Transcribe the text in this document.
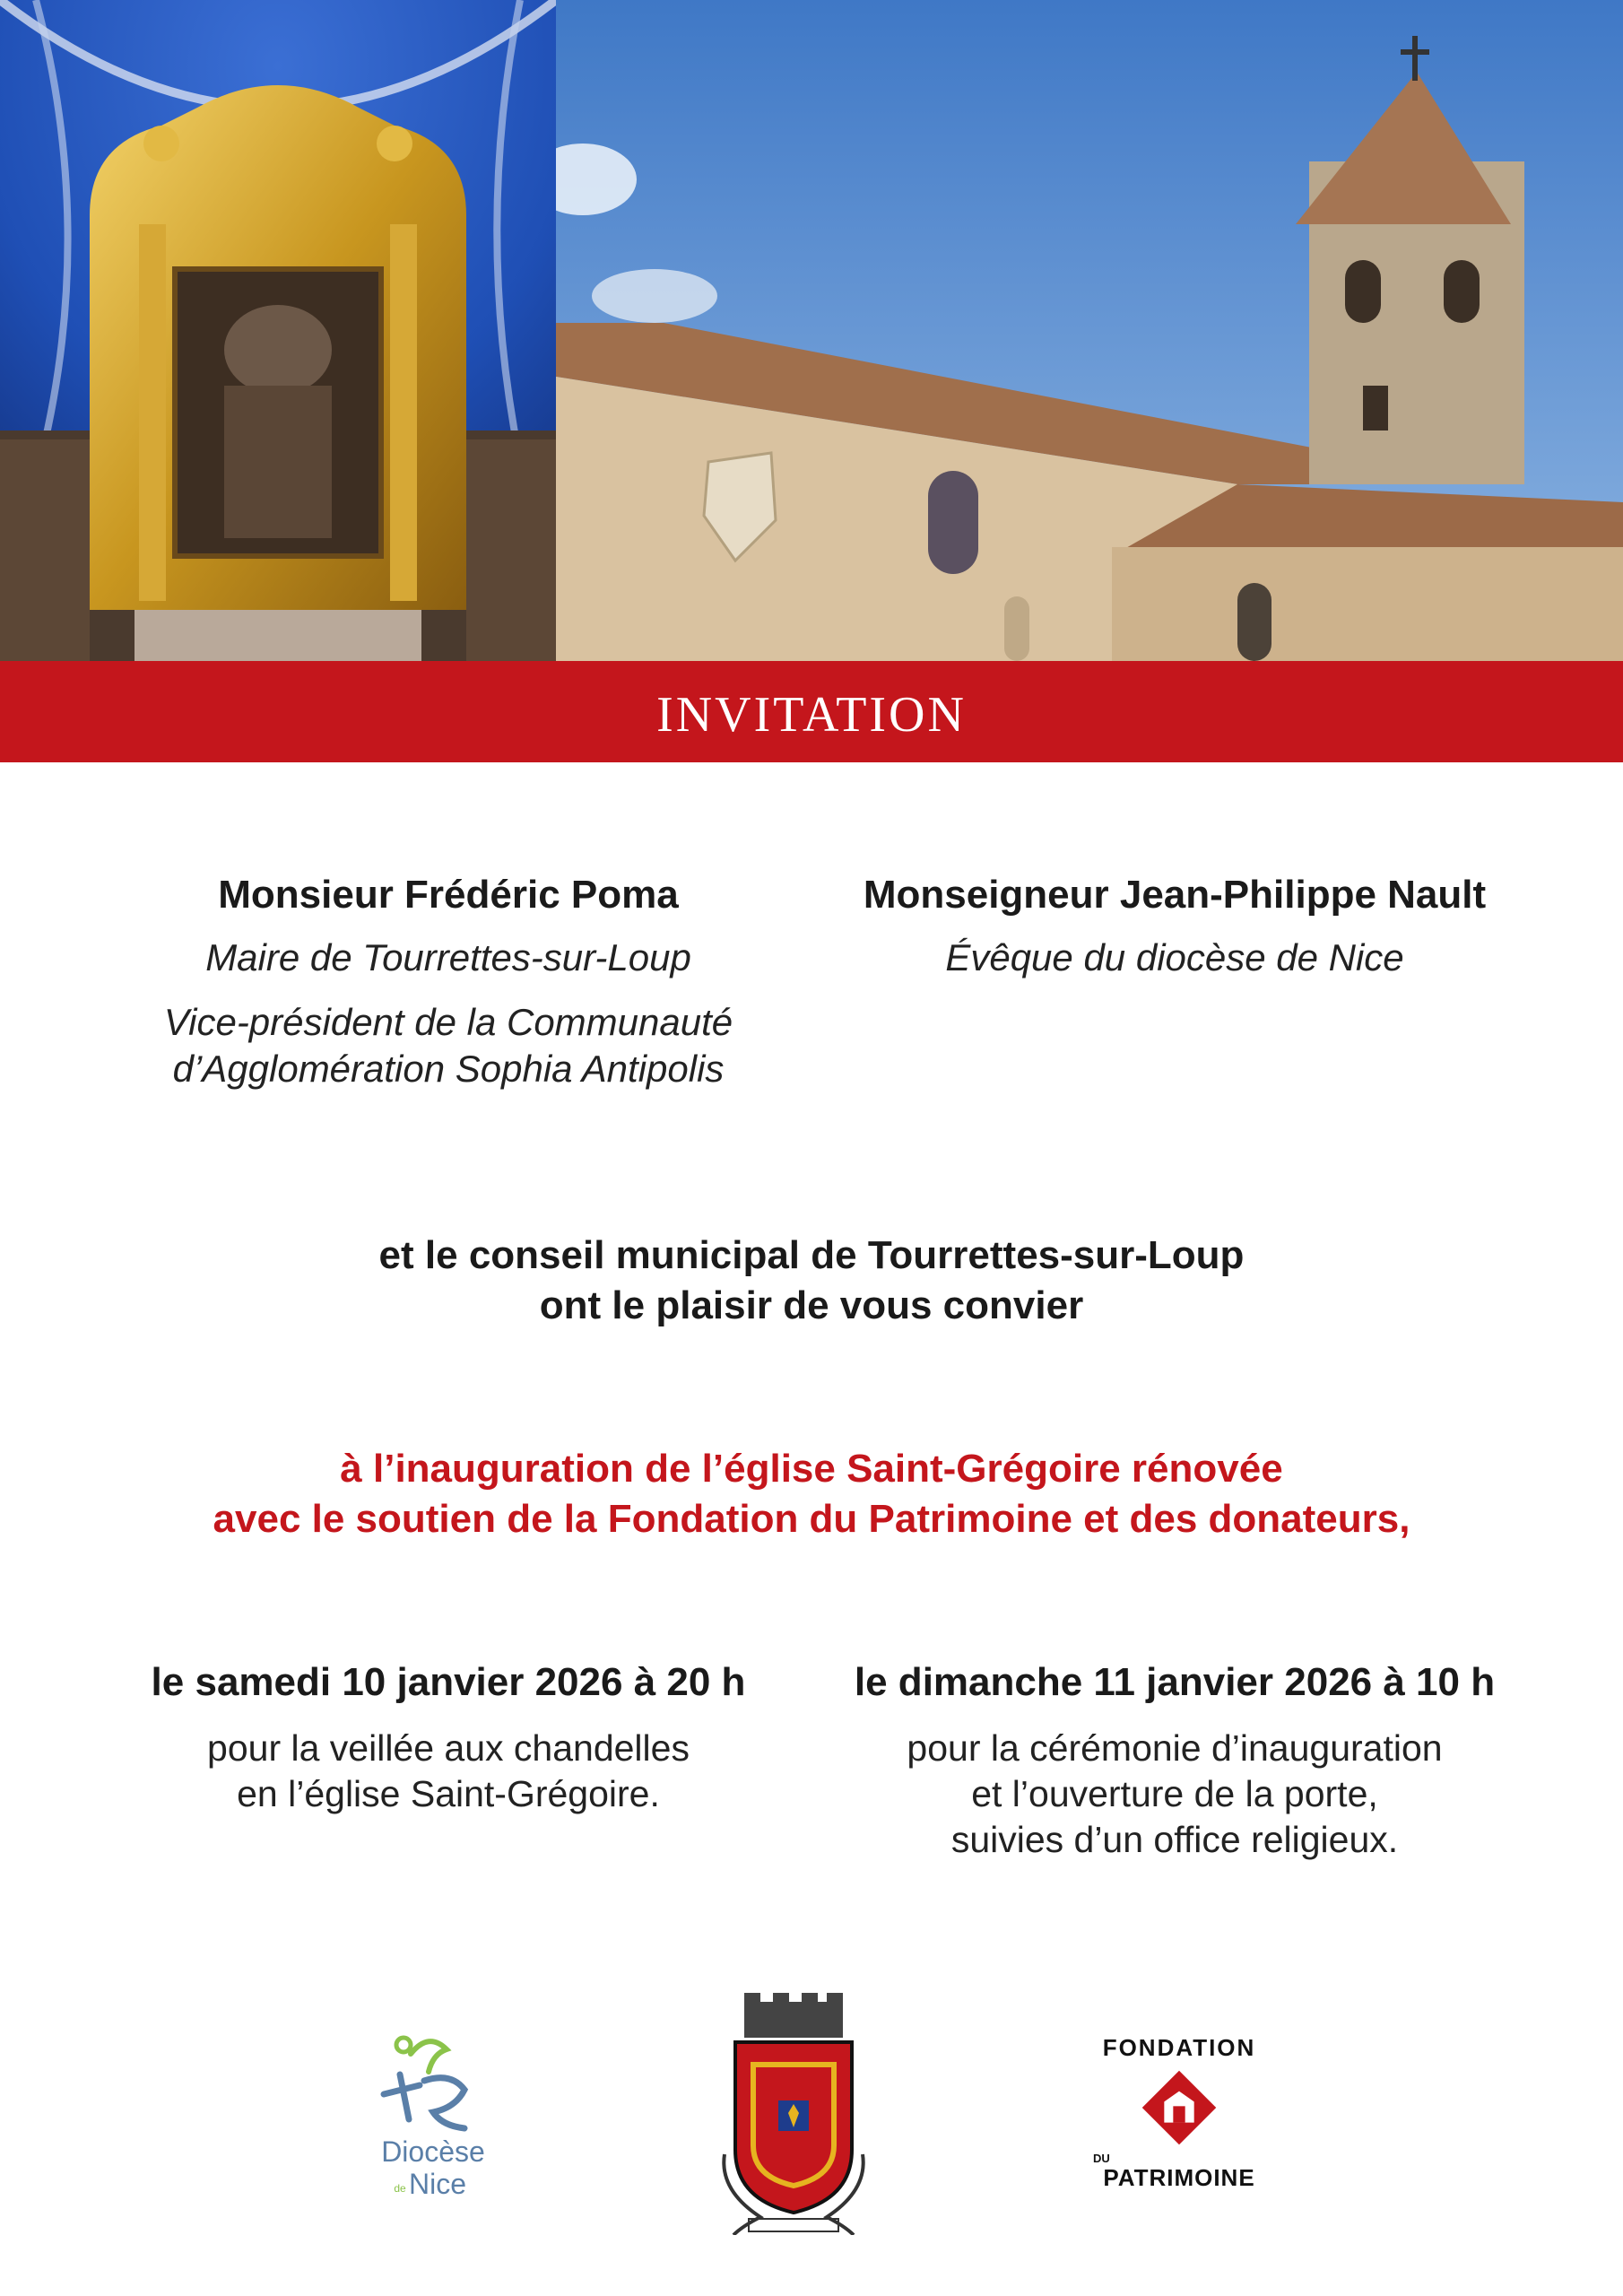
INVITATION
Monsieur Frédéric Poma
Maire de Tourrettes-sur-Loup
Vice-président de la Communauté
d’Agglomération Sophia Antipolis
Monseigneur Jean-Philippe Nault
Évêque du diocèse de Nice
et le conseil municipal de Tourrettes-sur-Loup
ont le plaisir de vous convier
à l’inauguration de l’église Saint-Grégoire rénovée
avec le soutien de la Fondation du Patrimoine et des donateurs,
le samedi 10 janvier 2026 à 20 h
pour la veillée aux chandelles
en l’église Saint-Grégoire.
le dimanche 11 janvier 2026 à 10 h
pour la cérémonie d’inauguration
et l’ouverture de la porte,
suivies d’un office religieux.
Diocèse
de Nice
FONDATION
DU
PATRIMOINE
